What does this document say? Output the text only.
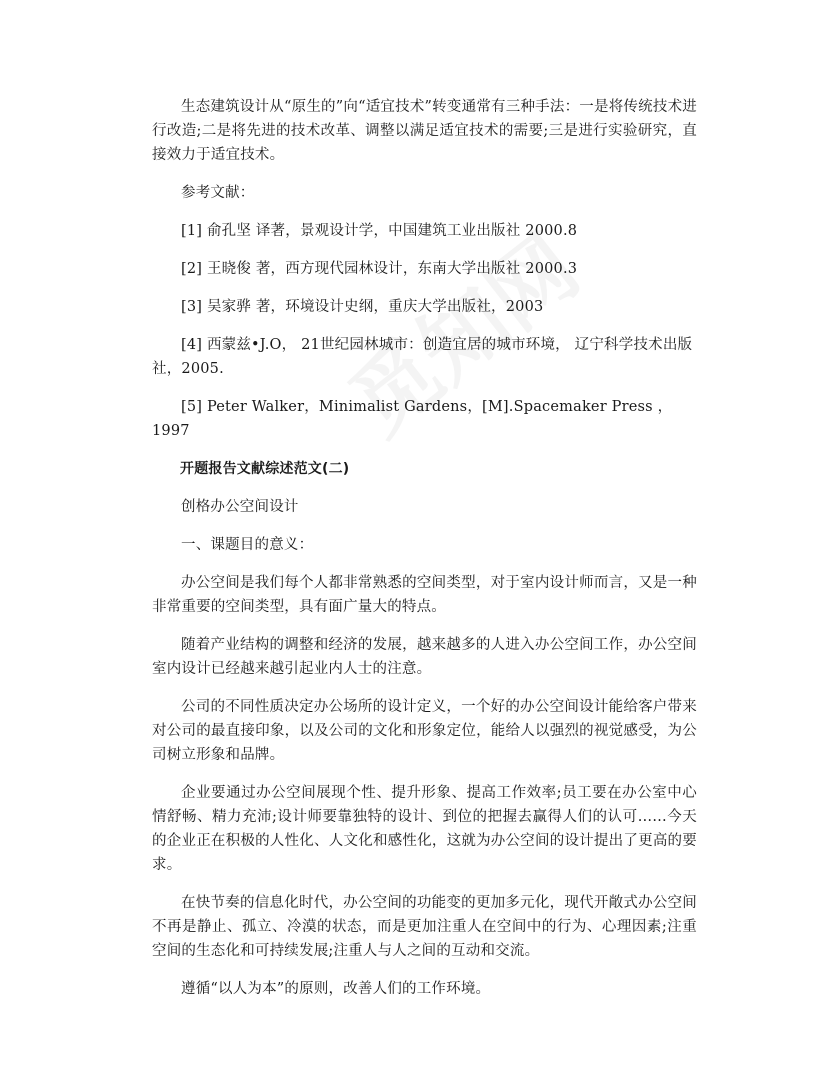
生态建筑设计从“原生的”向“适宜技术”转变通常有三种手法：一是将传统技术进行改造;二是将先进的技术改革、调整以满足适宜技术的需要;三是进行实验研究，直接效力于适宜技术。

参考文献：

[1] 俞孔坚 译著，景观设计学，中国建筑工业出版社 2000.8

[2] 王晓俊 著，西方现代园林设计，东南大学出版社 2000.3

[3] 吴家骅 著，环境设计史纲，重庆大学出版社，2003

[4] 西蒙兹•J.O， 21世纪园林城市：创造宜居的城市环境， 辽宁科学技术出版社，2005.

[5] Peter Walker，Minimalist Gardens，[M].Spacemaker Press ，1997

开题报告文献综述范文(二)

创格办公空间设计

一、课题目的意义：

办公空间是我们每个人都非常熟悉的空间类型，对于室内设计师而言，又是一种非常重要的空间类型，具有面广量大的特点。

随着产业结构的调整和经济的发展，越来越多的人进入办公空间工作，办公空间室内设计已经越来越引起业内人士的注意。

公司的不同性质决定办公场所的设计定义，一个好的办公空间设计能给客户带来对公司的最直接印象，以及公司的文化和形象定位，能给人以强烈的视觉感受，为公司树立形象和品牌。

企业要通过办公空间展现个性、提升形象、提高工作效率;员工要在办公室中心情舒畅、精力充沛;设计师要靠独特的设计、到位的把握去赢得人们的认可……今天的企业正在积极的人性化、人文化和感性化，这就为办公空间的设计提出了更高的要求。

在快节奏的信息化时代，办公空间的功能变的更加多元化，现代开敞式办公空间不再是静止、孤立、冷漠的状态，而是更加注重人在空间中的行为、心理因素;注重空间的生态化和可持续发展;注重人与人之间的互动和交流。

遵循“以人为本”的原则，改善人们的工作环境。
